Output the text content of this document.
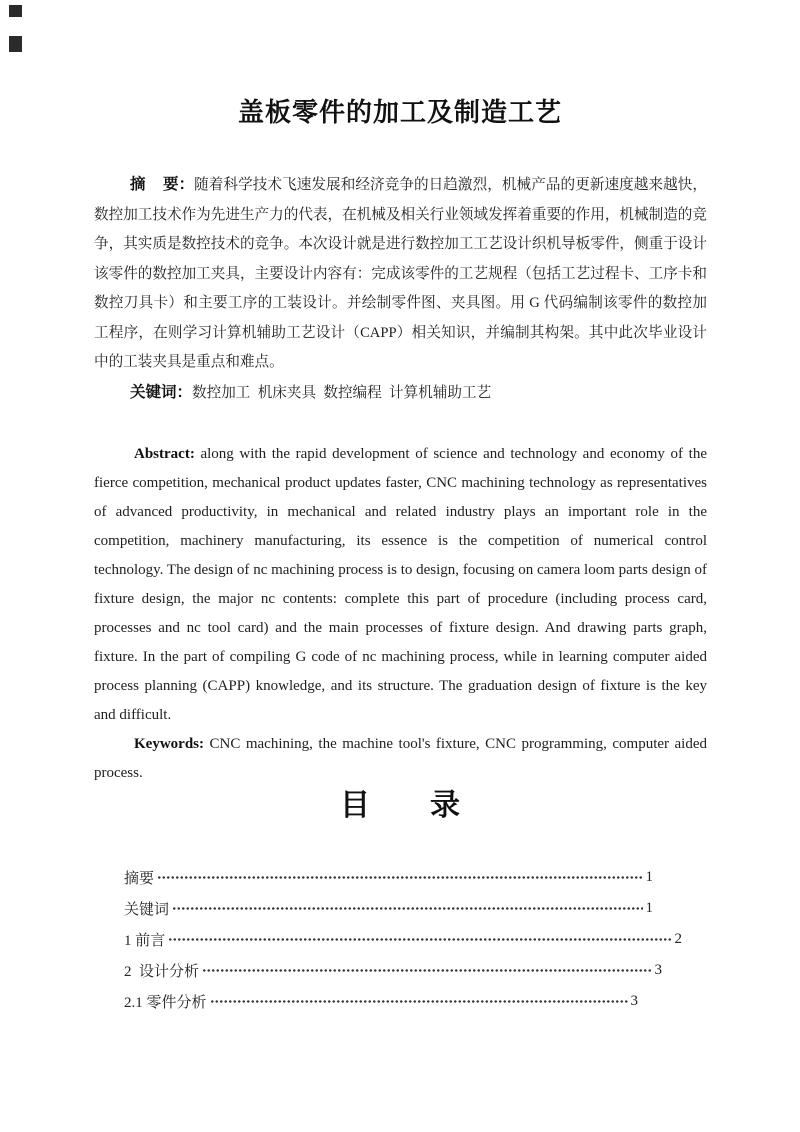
盖板零件的加工及制造工艺

摘    要：随着科学技术飞速发展和经济竞争的日趋激烈，机械产品的更新速度越来越快，数控加工技术作为先进生产力的代表，在机械及相关行业领域发挥着重要的作用，机械制造的竞争，其实质是数控技术的竞争。本次设计就是进行数控加工工艺设计织机导板零件，侧重于设计该零件的数控加工夹具，主要设计内容有：完成该零件的工艺规程（包括工艺过程卡、工序卡和数控刀具卡）和主要工序的工装设计。并绘制零件图、夹具图。用 G 代码编制该零件的数控加工程序，在则学习计算机辅助工艺设计（CAPP）相关知识，并编制其构架。其中此次毕业设计中的工装夹具是重点和难点。

关键词：数控加工  机床夹具  数控编程  计算机辅助工艺

Abstract: along with the rapid development of science and technology and economy of the fierce competition, mechanical product updates faster, CNC machining technology as representatives of advanced productivity, in mechanical and related industry plays an important role in the competition, machinery manufacturing, its essence is the competition of numerical control technology. The design of nc machining process is to design, focusing on camera loom parts design of fixture design, the major nc contents: complete this part of procedure (including process card, processes and nc tool card) and the main processes of fixture design. And drawing parts graph, fixture. In the part of compiling G code of nc machining process, while in learning computer aided process planning (CAPP) knowledge, and its structure. The graduation design of fixture is the key and difficult.

Keywords: CNC machining, the machine tool's fixture, CNC programming, computer aided process.

目        录
摘要	1
关键词	1
1 前言	2
2  设计分析	3
2.1 零件分析	3
